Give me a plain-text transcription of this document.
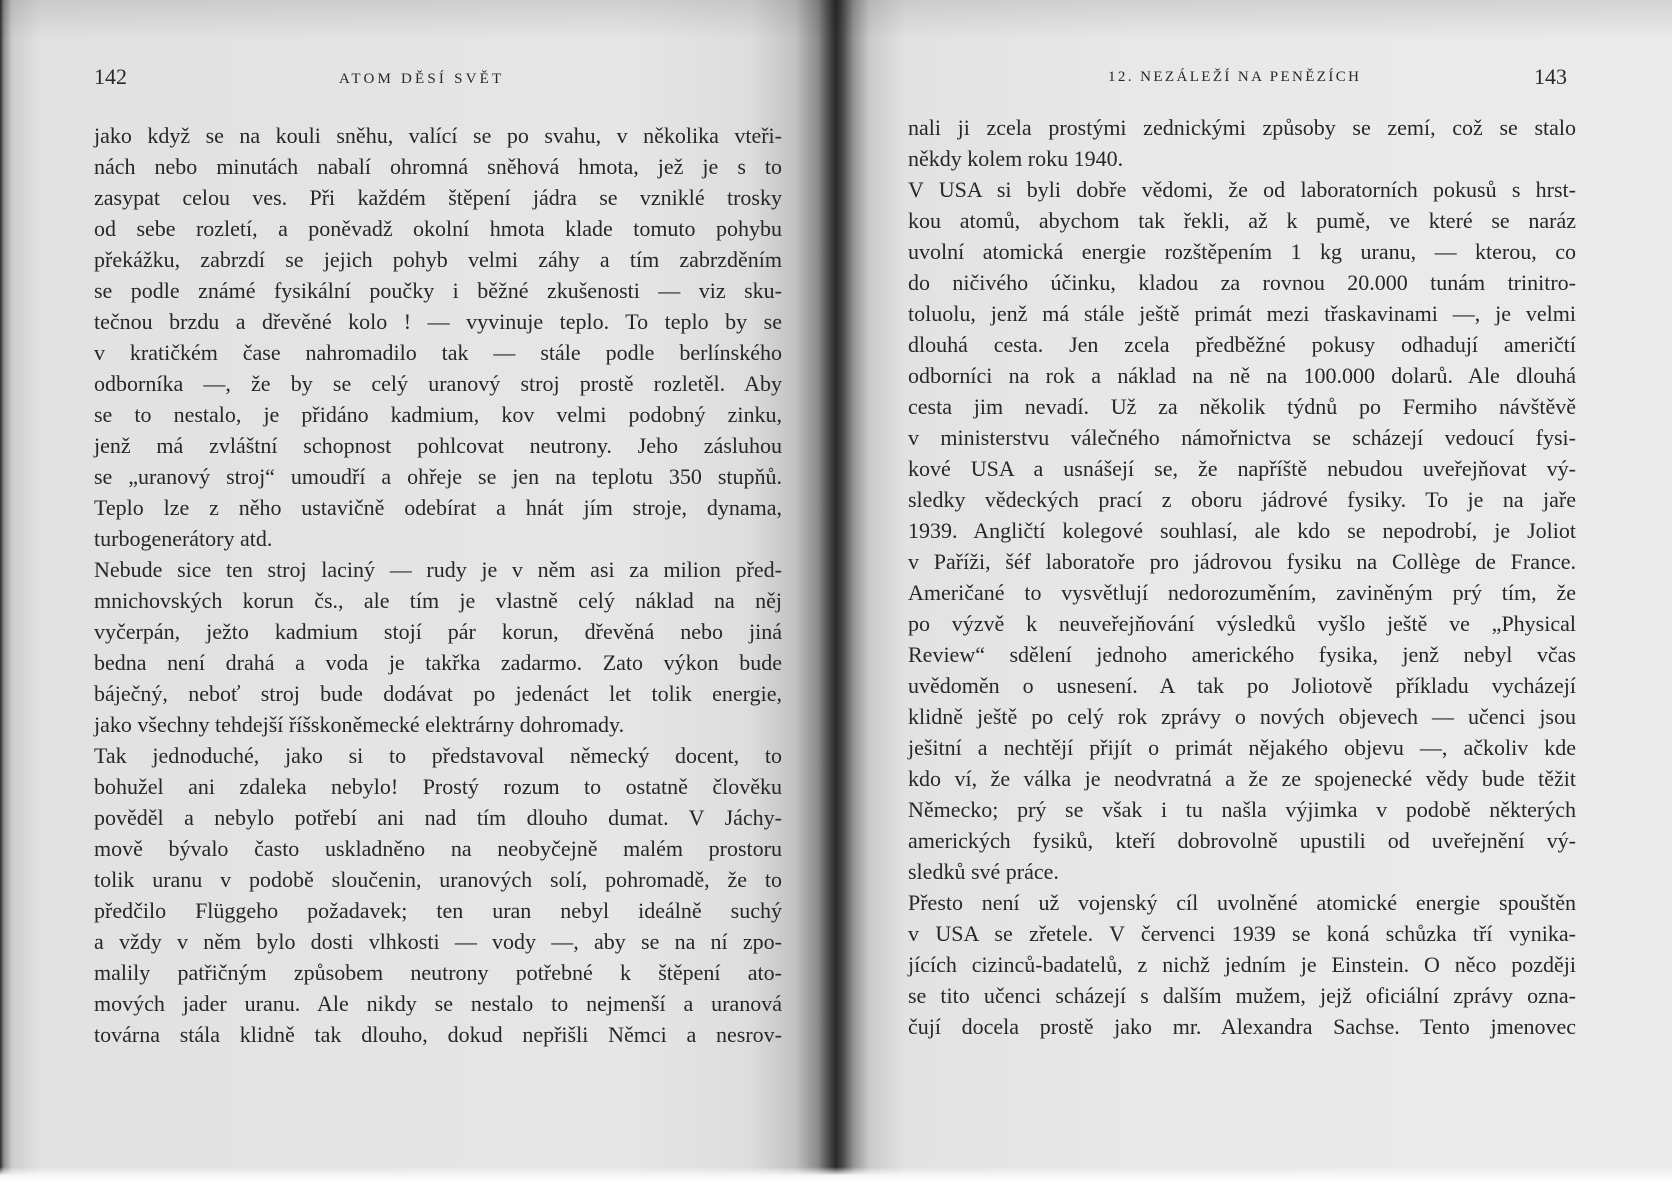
142	ATOM DĚSÍ SVĚT
jako když se na kouli sněhu, valící se po svahu, v několika vteři-
nách nebo minutách nabalí ohromná sněhová hmota, jež je s to
zasypat celou ves. Při každém štěpení jádra se vzniklé trosky
od sebe rozletí, a poněvadž okolní hmota klade tomuto pohybu
překážku, zabrzdí se jejich pohyb velmi záhy a tím zabrzděním
se podle známé fysikální poučky i běžné zkušenosti — viz sku-
tečnou brzdu a dřevěné kolo ! — vyvinuje teplo. To teplo by se
v kratičkém čase nahromadilo tak — stále podle berlínského
odborníka —, že by se celý uranový stroj prostě rozletěl. Aby
se to nestalo, je přidáno kadmium, kov velmi podobný zinku,
jenž má zvláštní schopnost pohlcovat neutrony. Jeho zásluhou
se „uranový stroj“ umoudří a ohřeje se jen na teplotu 350 stupňů.
Teplo lze z něho ustavičně odebírat a hnát jím stroje, dynama,
turbogenerátory atd.
Nebude sice ten stroj laciný — rudy je v něm asi za milion před-
mnichovských korun čs., ale tím je vlastně celý náklad na něj
vyčerpán, ježto kadmium stojí pár korun, dřevěná nebo jiná
bedna není drahá a voda je takřka zadarmo. Zato výkon bude
báječný, neboť stroj bude dodávat po jedenáct let tolik energie,
jako všechny tehdejší říšskoněmecké elektrárny dohromady.
Tak jednoduché, jako si to představoval německý docent, to
bohužel ani zdaleka nebylo! Prostý rozum to ostatně člověku
pověděl a nebylo potřebí ani nad tím dlouho dumat. V Jáchy-
mově bývalo často uskladněno na neobyčejně malém prostoru
tolik uranu v podobě sloučenin, uranových solí, pohromadě, že to
předčilo Flüggeho požadavek; ten uran nebyl ideálně suchý
a vždy v něm bylo dosti vlhkosti — vody —, aby se na ní zpo-
malily patřičným způsobem neutrony potřebné k štěpení ato-
mových jader uranu. Ale nikdy se nestalo to nejmenší a uranová
továrna stála klidně tak dlouho, dokud nepřišli Němci a nesrov-
12. NEZÁLEŽÍ NA PENĚZÍCH	143
nali ji zcela prostými zednickými způsoby se zemí, což se stalo
někdy kolem roku 1940.
V USA si byli dobře vědomi, že od laboratorních pokusů s hrst-
kou atomů, abychom tak řekli, až k pumě, ve které se naráz
uvolní atomická energie rozštěpením 1 kg uranu, — kterou, co
do ničivého účinku, kladou za rovnou 20.000 tunám trinitro-
toluolu, jenž má stále ještě primát mezi třaskavinami —, je velmi
dlouhá cesta. Jen zcela předběžné pokusy odhadují američtí
odborníci na rok a náklad na ně na 100.000 dolarů. Ale dlouhá
cesta jim nevadí. Už za několik týdnů po Fermiho návštěvě
v ministerstvu válečného námořnictva se scházejí vedoucí fysi-
kové USA a usnášejí se, že napříště nebudou uveřejňovat vý-
sledky vědeckých prací z oboru jádrové fysiky. To je na jaře
1939. Angličtí kolegové souhlasí, ale kdo se nepodrobí, je Joliot
v Paříži, šéf laboratoře pro jádrovou fysiku na Collège de France.
Američané to vysvětlují nedorozuměním, zaviněným prý tím, že
po výzvě k neuveřejňování výsledků vyšlo ještě ve „Physical
Review“ sdělení jednoho amerického fysika, jenž nebyl včas
uvědoměn o usnesení. A tak po Joliotově příkladu vycházejí
klidně ještě po celý rok zprávy o nových objevech — učenci jsou
ješitní a nechtějí přijít o primát nějakého objevu —, ačkoliv kde
kdo ví, že válka je neodvratná a že ze spojenecké vědy bude těžit
Německo; prý se však i tu našla výjimka v podobě některých
amerických fysiků, kteří dobrovolně upustili od uveřejnění vý-
sledků své práce.
Přesto není už vojenský cíl uvolněné atomické energie spouštěn
v USA se zřetele. V červenci 1939 se koná schůzka tří vynika-
jících cizinců-badatelů, z nichž jedním je Einstein. O něco později
se tito učenci scházejí s dalším mužem, jejž oficiální zprávy ozna-
čují docela prostě jako mr. Alexandra Sachse. Tento jmenovec
